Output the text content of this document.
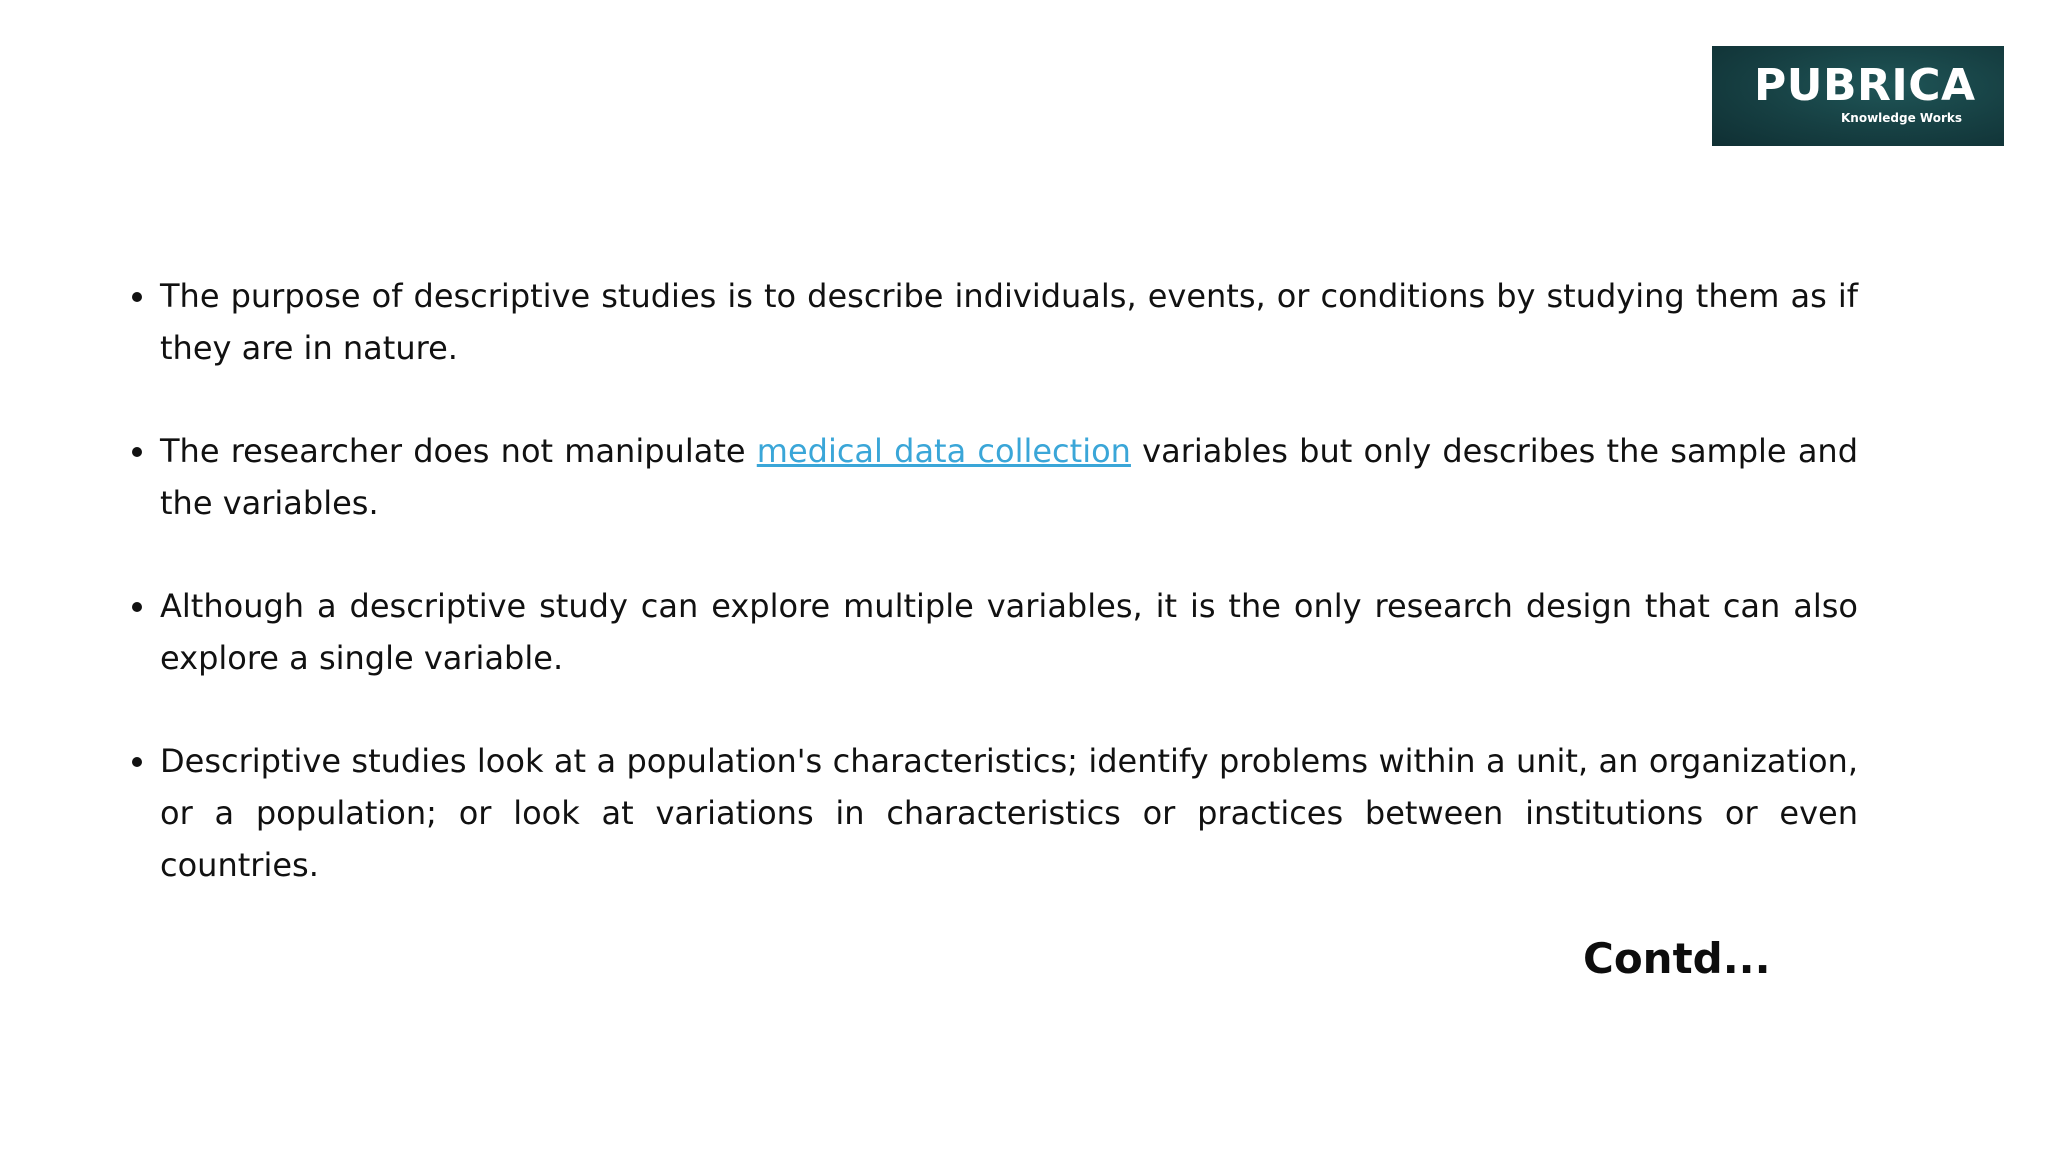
PUBRICA
Knowledge Works
The purpose of descriptive studies is to describe individuals, events, or conditions by studying them as if they are in nature.
The researcher does not manipulate medical data collection variables but only describes the sample and the variables.
Although a descriptive study can explore multiple variables, it is the only research design that can also explore a single variable.
Descriptive studies look at a population's characteristics; identify problems within a unit, an organization, or a population; or look at variations in characteristics or practices between institutions or even countries.
Contd...
